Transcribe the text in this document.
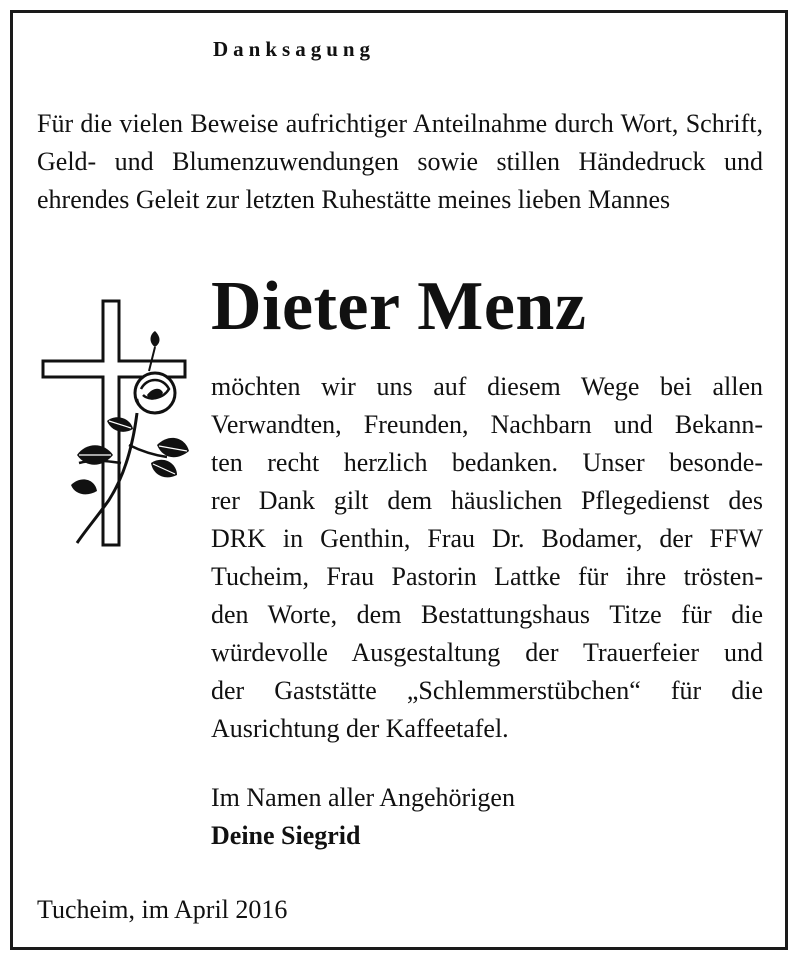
Danksagung
Für die vielen Beweise aufrichtiger Anteilnahme durch Wort, Schrift, Geld- und Blumenzuwendungen sowie stillen Händedruck und ehrendes Geleit zur letzten Ruhestätte meines lieben Mannes
Dieter Menz
möchten wir uns auf diesem Wege bei allen
Verwandten, Freunden, Nachbarn und Bekann-
ten recht herzlich bedanken. Unser besonde-
rer Dank gilt dem häuslichen Pflegedienst des
DRK in Genthin, Frau Dr. Bodamer, der FFW
Tucheim, Frau Pastorin Lattke für ihre trösten-
den Worte, dem Bestattungshaus Titze für die
würdevolle Ausgestaltung der Trauerfeier und
der Gaststätte „Schlemmerstübchen“ für die
Ausrichtung der Kaffeetafel.
Im Namen aller Angehörigen
Deine Siegrid
Tucheim, im April 2016
